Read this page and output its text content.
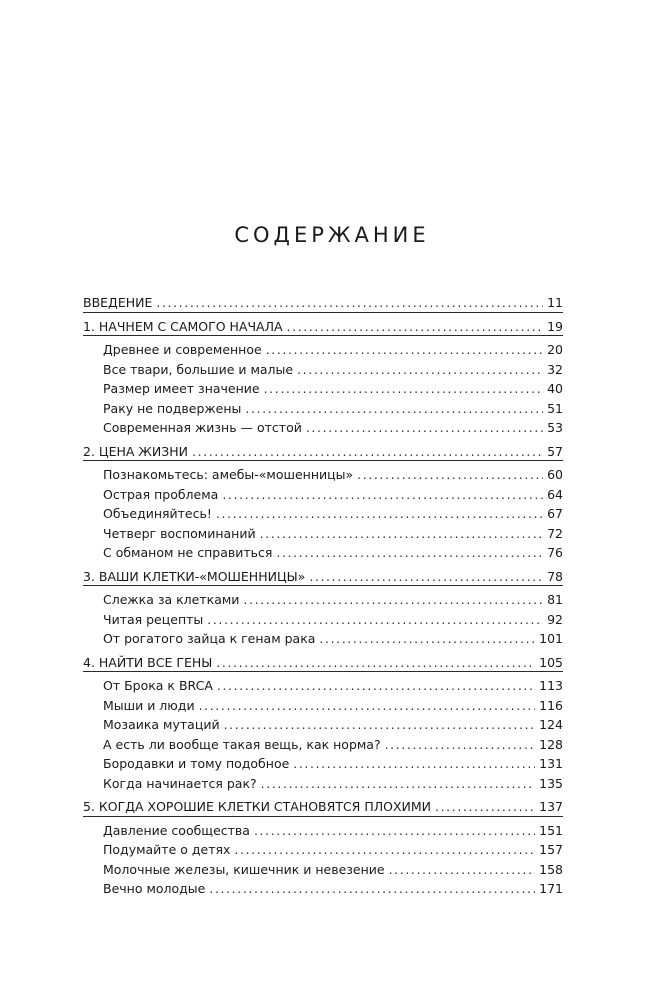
СОДЕРЖАНИЕ
ВВЕДЕНИЕ .....	11
1. НАЧНЕМ С САМОГО НАЧАЛА .....	19
Древнее и современное .....	20
Все твари, большие и малые .....	32
Размер имеет значение .....	40
Раку не подвержены .....	51
Современная жизнь — отстой .....	53
2. ЦЕНА ЖИЗНИ .....	57
Познакомьтесь: амебы-«мошенницы» .....	60
Острая проблема .....	64
Объединяйтесь! .....	67
Четверг воспоминаний .....	72
С обманом не справиться .....	76
3. ВАШИ КЛЕТКИ-«МОШЕННИЦЫ» .....	78
Слежка за клетками .....	81
Читая рецепты .....	92
От рогатого зайца к генам рака .....	101
4. НАЙТИ ВСЕ ГЕНЫ .....	105
От Брока к BRCA .....	113
Мыши и люди .....	116
Мозаика мутаций .....	124
А есть ли вообще такая вещь, как норма? .....	128
Бородавки и тому подобное .....	131
Когда начинается рак? .....	135
5. КОГДА ХОРОШИЕ КЛЕТКИ СТАНОВЯТСЯ ПЛОХИМИ .....	137
Давление сообщества .....	151
Подумайте о детях .....	157
Молочные железы, кишечник и невезение .....	158
Вечно молодые .....	171
